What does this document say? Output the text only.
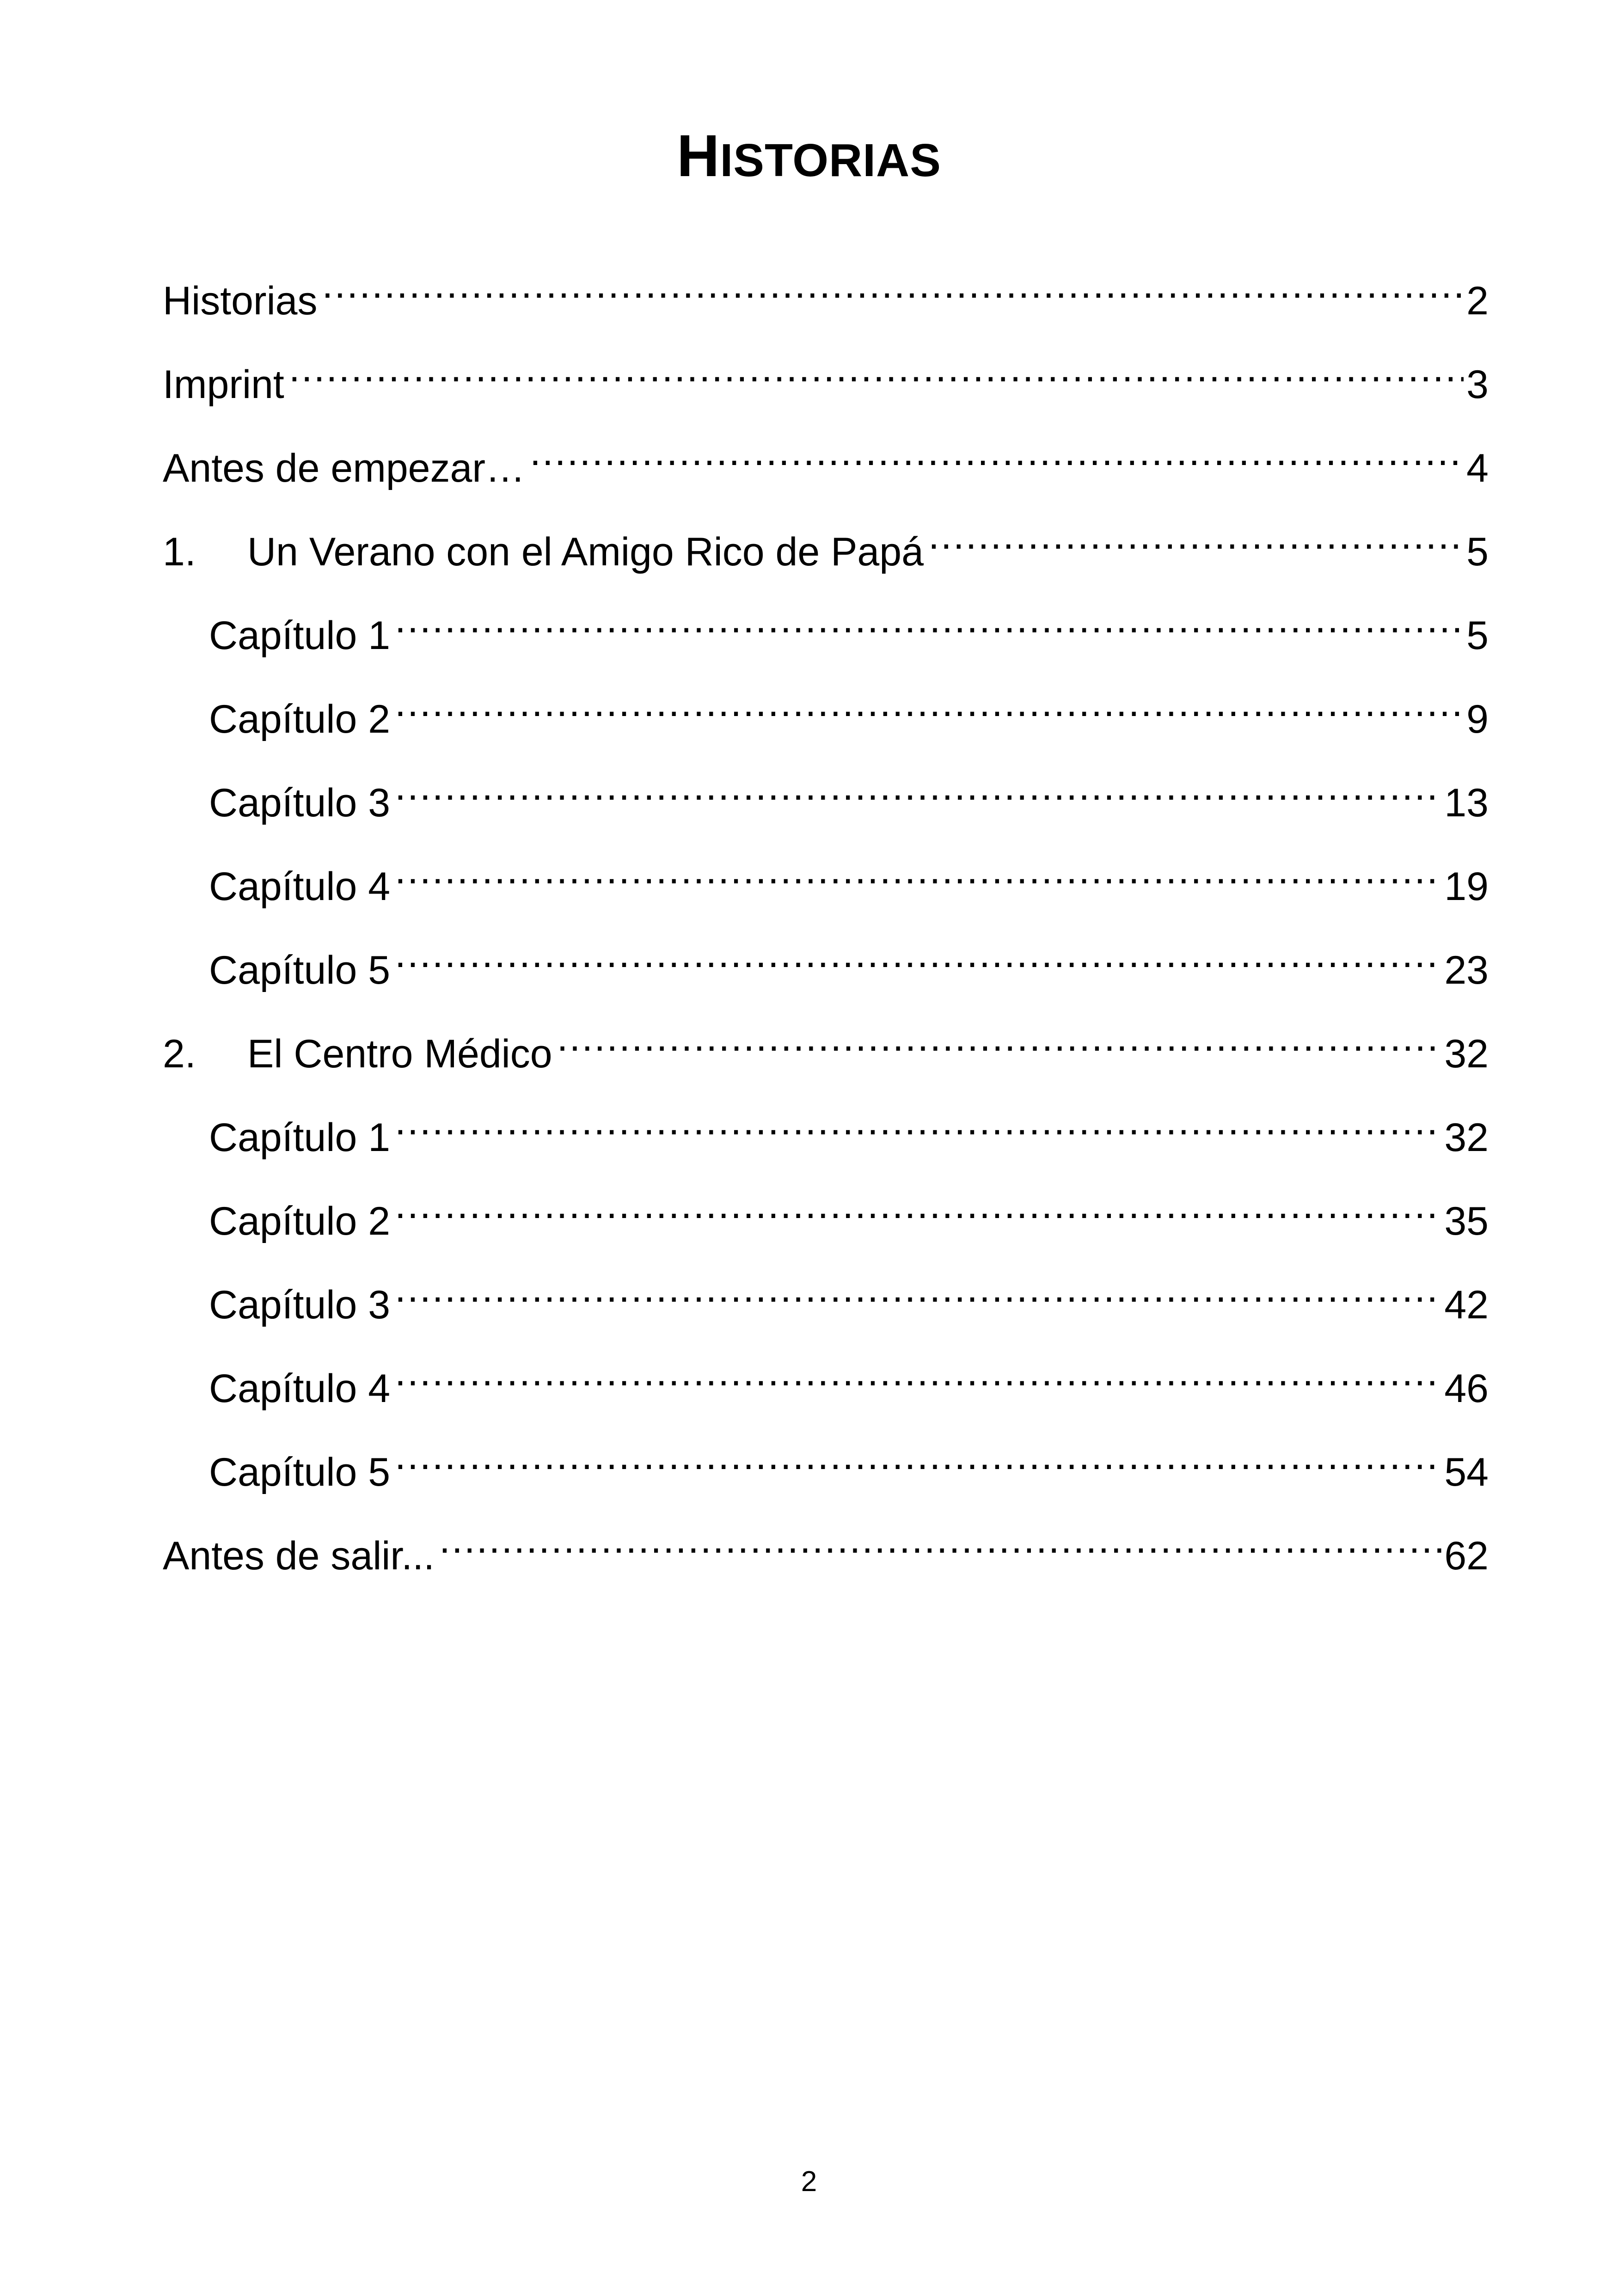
HISTORIAS
Historias .....	2
Imprint .....	3
Antes de empezar… .....	4
1.	Un Verano con el Amigo Rico de Papá .....	5
Capítulo 1 .....	5
Capítulo 2 .....	9
Capítulo 3 .....	13
Capítulo 4 .....	19
Capítulo 5 .....	23
2.	El Centro Médico .....	32
Capítulo 1 .....	32
Capítulo 2 .....	35
Capítulo 3 .....	42
Capítulo 4 .....	46
Capítulo 5 .....	54
Antes de salir... .....	62
2
